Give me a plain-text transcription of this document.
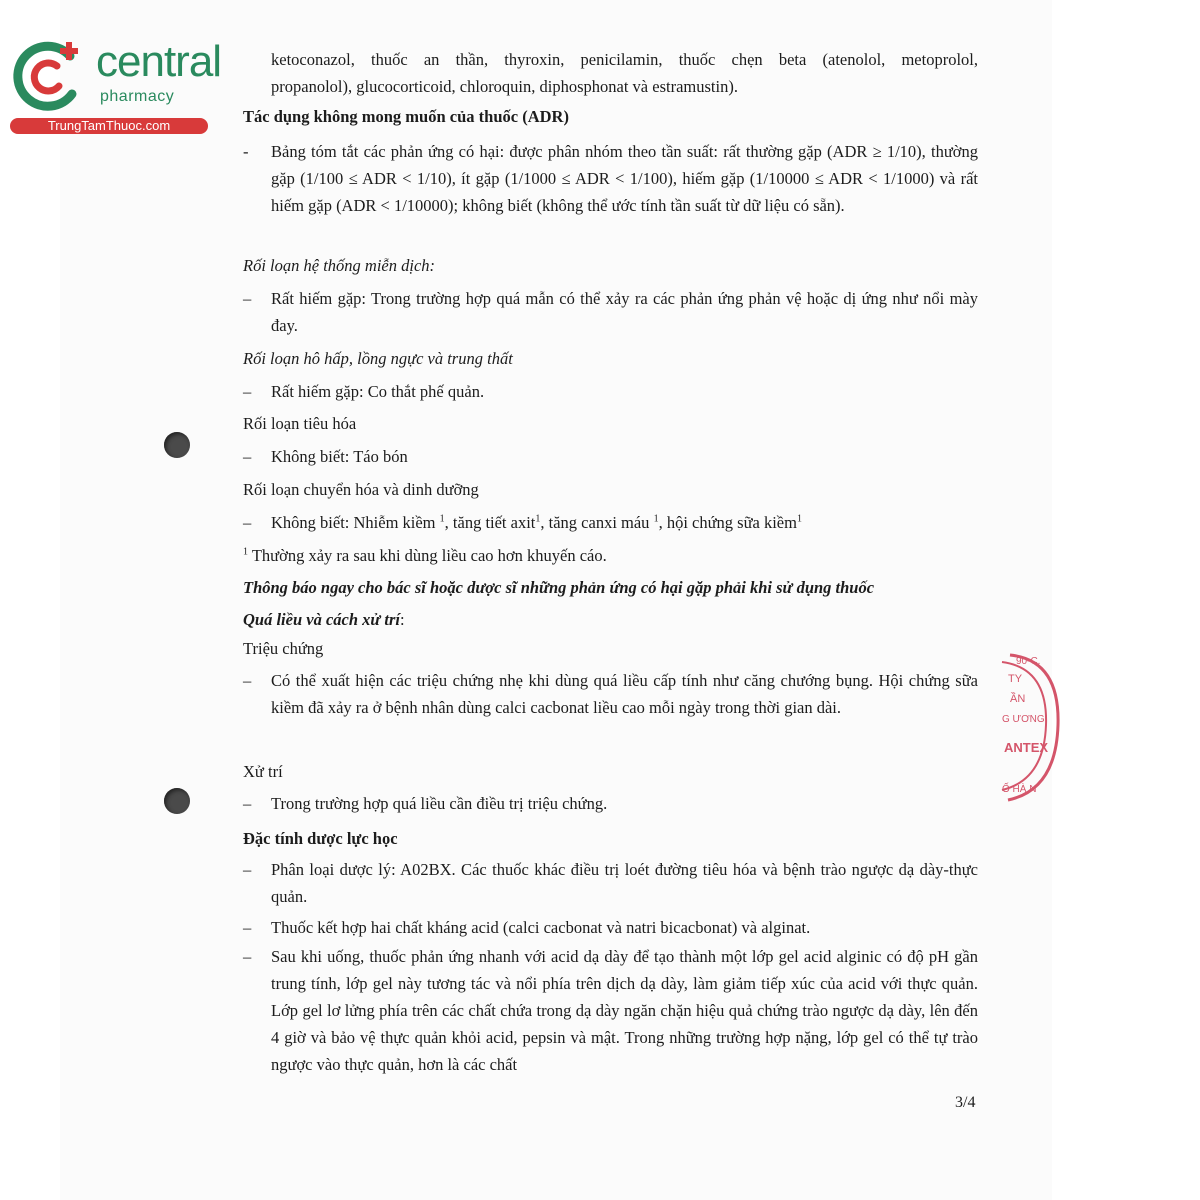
central
pharmacy
TrungTamThuoc.com
90-C.
TY
ẦN
G ƯƠNG
ANTEX
Ố HÀ N
ketoconazol, thuốc an thần, thyroxin, penicilamin, thuốc chẹn beta (atenolol, metoprolol,
propanolol), glucocorticoid, chloroquin, diphosphonat và estramustin).
Tác dụng không mong muốn của thuốc (ADR)
- Bảng tóm tắt các phản ứng có hại: được phân nhóm theo tần suất: rất thường gặp (ADR ≥ 1/10), thường gặp (1/100 ≤ ADR < 1/10), ít gặp (1/1000 ≤ ADR < 1/100), hiếm gặp (1/10000 ≤ ADR < 1/1000) và rất hiếm gặp (ADR < 1/10000); không biết (không thể ước tính tần suất từ dữ liệu có sẵn).
Rối loạn hệ thống miễn dịch:
– Rất hiếm gặp: Trong trường hợp quá mẫn có thể xảy ra các phản ứng phản vệ hoặc dị ứng như nổi mày đay.
Rối loạn hô hấp, lồng ngực và trung thất
– Rất hiếm gặp: Co thắt phế quản.
Rối loạn tiêu hóa
– Không biết: Táo bón
Rối loạn chuyển hóa và dinh dưỡng
– Không biết: Nhiễm kiềm $^1$, tăng tiết axit$^1$, tăng canxi máu $^1$, hội chứng sữa kiềm$^1$
$^1$ Thường xảy ra sau khi dùng liều cao hơn khuyến cáo.
Thông báo ngay cho bác sĩ hoặc dược sĩ những phản ứng có hại gặp phải khi sử dụng thuốc
Quá liều và cách xử trí:
Triệu chứng
– Có thể xuất hiện các triệu chứng nhẹ khi dùng quá liều cấp tính như căng chướng bụng. Hội chứng sữa kiềm đã xảy ra ở bệnh nhân dùng calci cacbonat liều cao mỗi ngày trong thời gian dài.
Xử trí
– Trong trường hợp quá liều cần điều trị triệu chứng.
Đặc tính dược lực học
– Phân loại dược lý: A02BX. Các thuốc khác điều trị loét đường tiêu hóa và bệnh trào ngược dạ dày-thực quản.
– Thuốc kết hợp hai chất kháng acid (calci cacbonat và natri bicacbonat) và alginat.
– Sau khi uống, thuốc phản ứng nhanh với acid dạ dày để tạo thành một lớp gel acid alginic có độ pH gần trung tính, lớp gel này tương tác và nổi phía trên dịch dạ dày, làm giảm tiếp xúc của acid với thực quản. Lớp gel lơ lửng phía trên các chất chứa trong dạ dày ngăn chặn hiệu quả chứng trào ngược dạ dày, lên đến 4 giờ và bảo vệ thực quản khỏi acid, pepsin và mật. Trong những trường hợp nặng, lớp gel có thể tự trào ngược vào thực quản, hơn là các chất
3/4
